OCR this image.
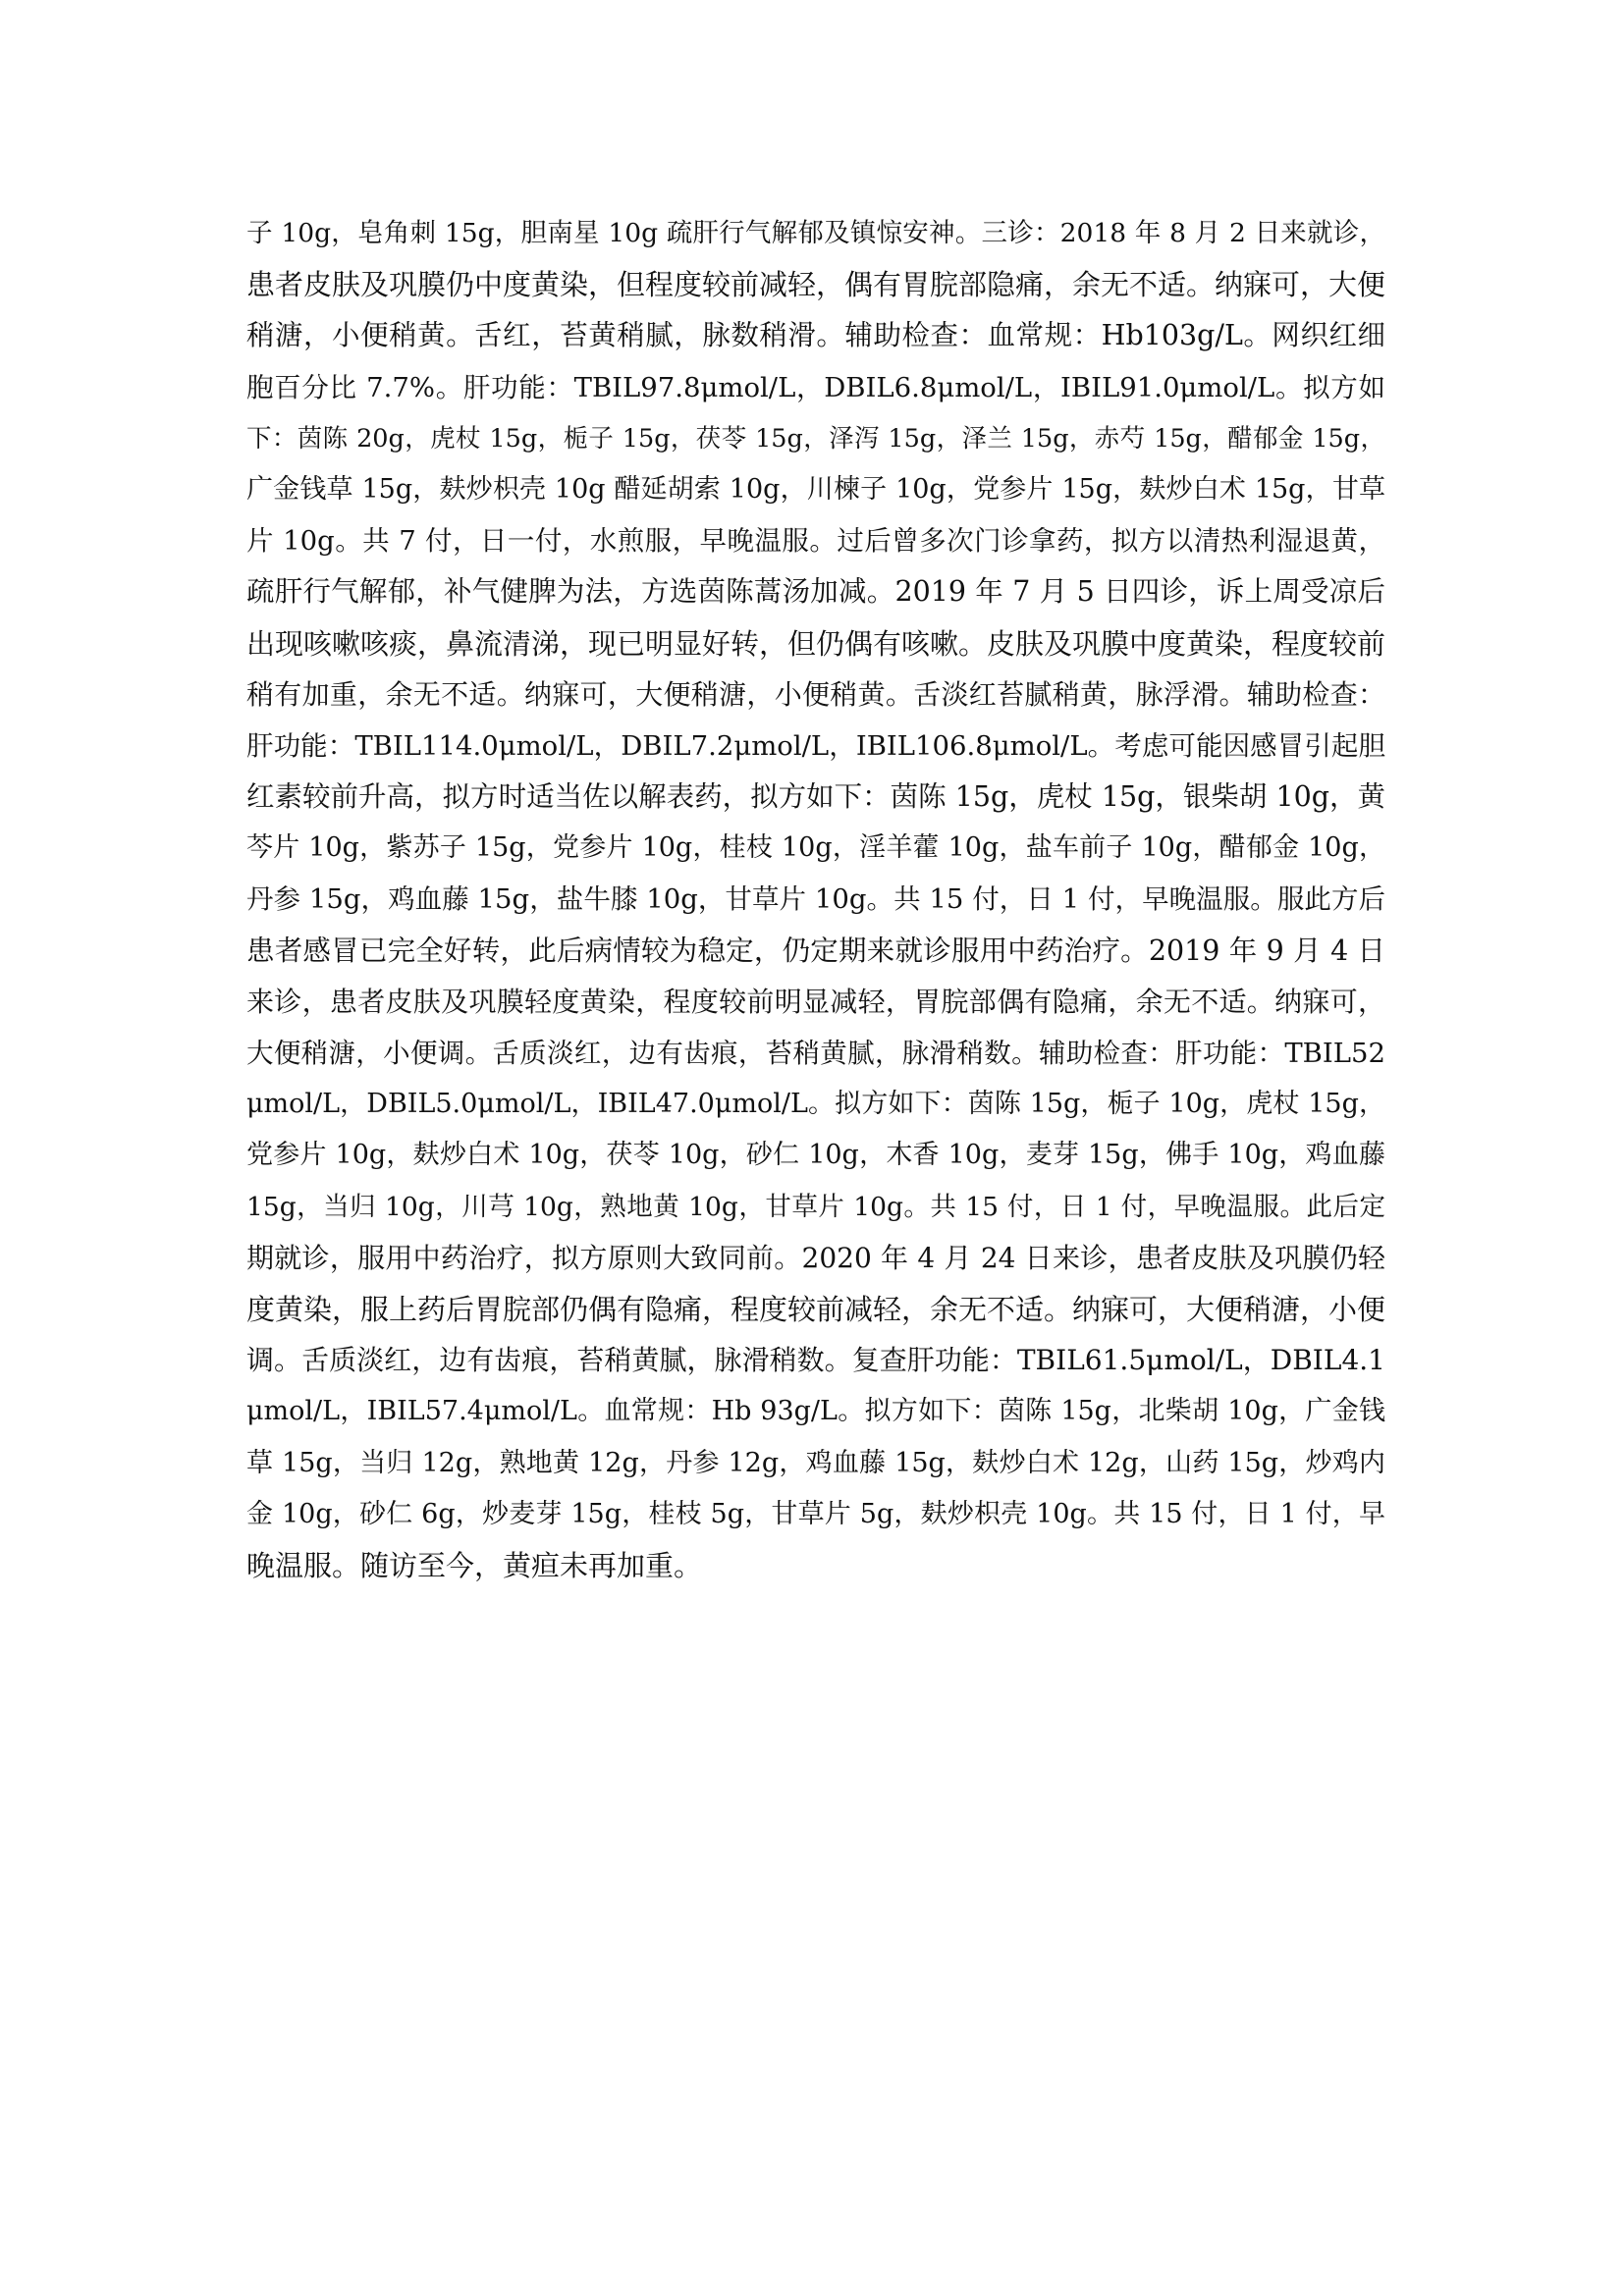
子 10g，皂角刺 15g，胆南星 10g 疏肝行气解郁及镇惊安神。三诊：2018 年 8 月 2 日来就诊，
患者皮肤及巩膜仍中度黄染，但程度较前减轻，偶有胃脘部隐痛，余无不适。纳寐可，大便
稍溏，小便稍黄。舌红，苔黄稍腻，脉数稍滑。辅助检查：血常规：Hb103g/L。网织红细
胞百分比 7.7%。肝功能：TBIL97.8μmol/L，DBIL6.8μmol/L，IBIL91.0μmol/L。拟方如
下：茵陈 20g，虎杖 15g，栀子 15g，茯苓 15g，泽泻 15g，泽兰 15g，赤芍 15g，醋郁金 15g，
广金钱草 15g，麸炒枳壳 10g 醋延胡索 10g，川楝子 10g，党参片 15g，麸炒白术 15g，甘草
片 10g。共 7 付，日一付，水煎服，早晚温服。过后曾多次门诊拿药，拟方以清热利湿退黄，
疏肝行气解郁，补气健脾为法，方选茵陈蒿汤加减。2019 年 7 月 5 日四诊，诉上周受凉后
出现咳嗽咳痰，鼻流清涕，现已明显好转，但仍偶有咳嗽。皮肤及巩膜中度黄染，程度较前
稍有加重，余无不适。纳寐可，大便稍溏，小便稍黄。舌淡红苔腻稍黄，脉浮滑。辅助检查：
肝功能：TBIL114.0μmol/L，DBIL7.2μmol/L，IBIL106.8μmol/L。考虑可能因感冒引起胆
红素较前升高，拟方时适当佐以解表药，拟方如下：茵陈 15g，虎杖 15g，银柴胡 10g，黄
芩片 10g，紫苏子 15g，党参片 10g，桂枝 10g，淫羊藿 10g，盐车前子 10g，醋郁金 10g，
丹参 15g，鸡血藤 15g，盐牛膝 10g，甘草片 10g。共 15 付，日 1 付，早晚温服。服此方后
患者感冒已完全好转，此后病情较为稳定，仍定期来就诊服用中药治疗。2019 年 9 月 4 日
来诊，患者皮肤及巩膜轻度黄染，程度较前明显减轻，胃脘部偶有隐痛，余无不适。纳寐可，
大便稍溏，小便调。舌质淡红，边有齿痕，苔稍黄腻，脉滑稍数。辅助检查：肝功能：TBIL52
μmol/L，DBIL5.0μmol/L，IBIL47.0μmol/L。拟方如下：茵陈 15g，栀子 10g，虎杖 15g，
党参片 10g，麸炒白术 10g，茯苓 10g，砂仁 10g，木香 10g，麦芽 15g，佛手 10g，鸡血藤
15g，当归 10g，川芎 10g，熟地黄 10g，甘草片 10g。共 15 付，日 1 付，早晚温服。此后定
期就诊，服用中药治疗，拟方原则大致同前。2020 年 4 月 24 日来诊，患者皮肤及巩膜仍轻
度黄染，服上药后胃脘部仍偶有隐痛，程度较前减轻，余无不适。纳寐可，大便稍溏，小便
调。舌质淡红，边有齿痕，苔稍黄腻，脉滑稍数。复查肝功能：TBIL61.5μmol/L，DBIL4.1
μmol/L，IBIL57.4μmol/L。血常规：Hb 93g/L。拟方如下：茵陈 15g，北柴胡 10g，广金钱
草 15g，当归 12g，熟地黄 12g，丹参 12g，鸡血藤 15g，麸炒白术 12g，山药 15g，炒鸡内
金 10g，砂仁 6g，炒麦芽 15g，桂枝 5g，甘草片 5g，麸炒枳壳 10g。共 15 付，日 1 付，早
晚温服。随访至今，黄疸未再加重。
